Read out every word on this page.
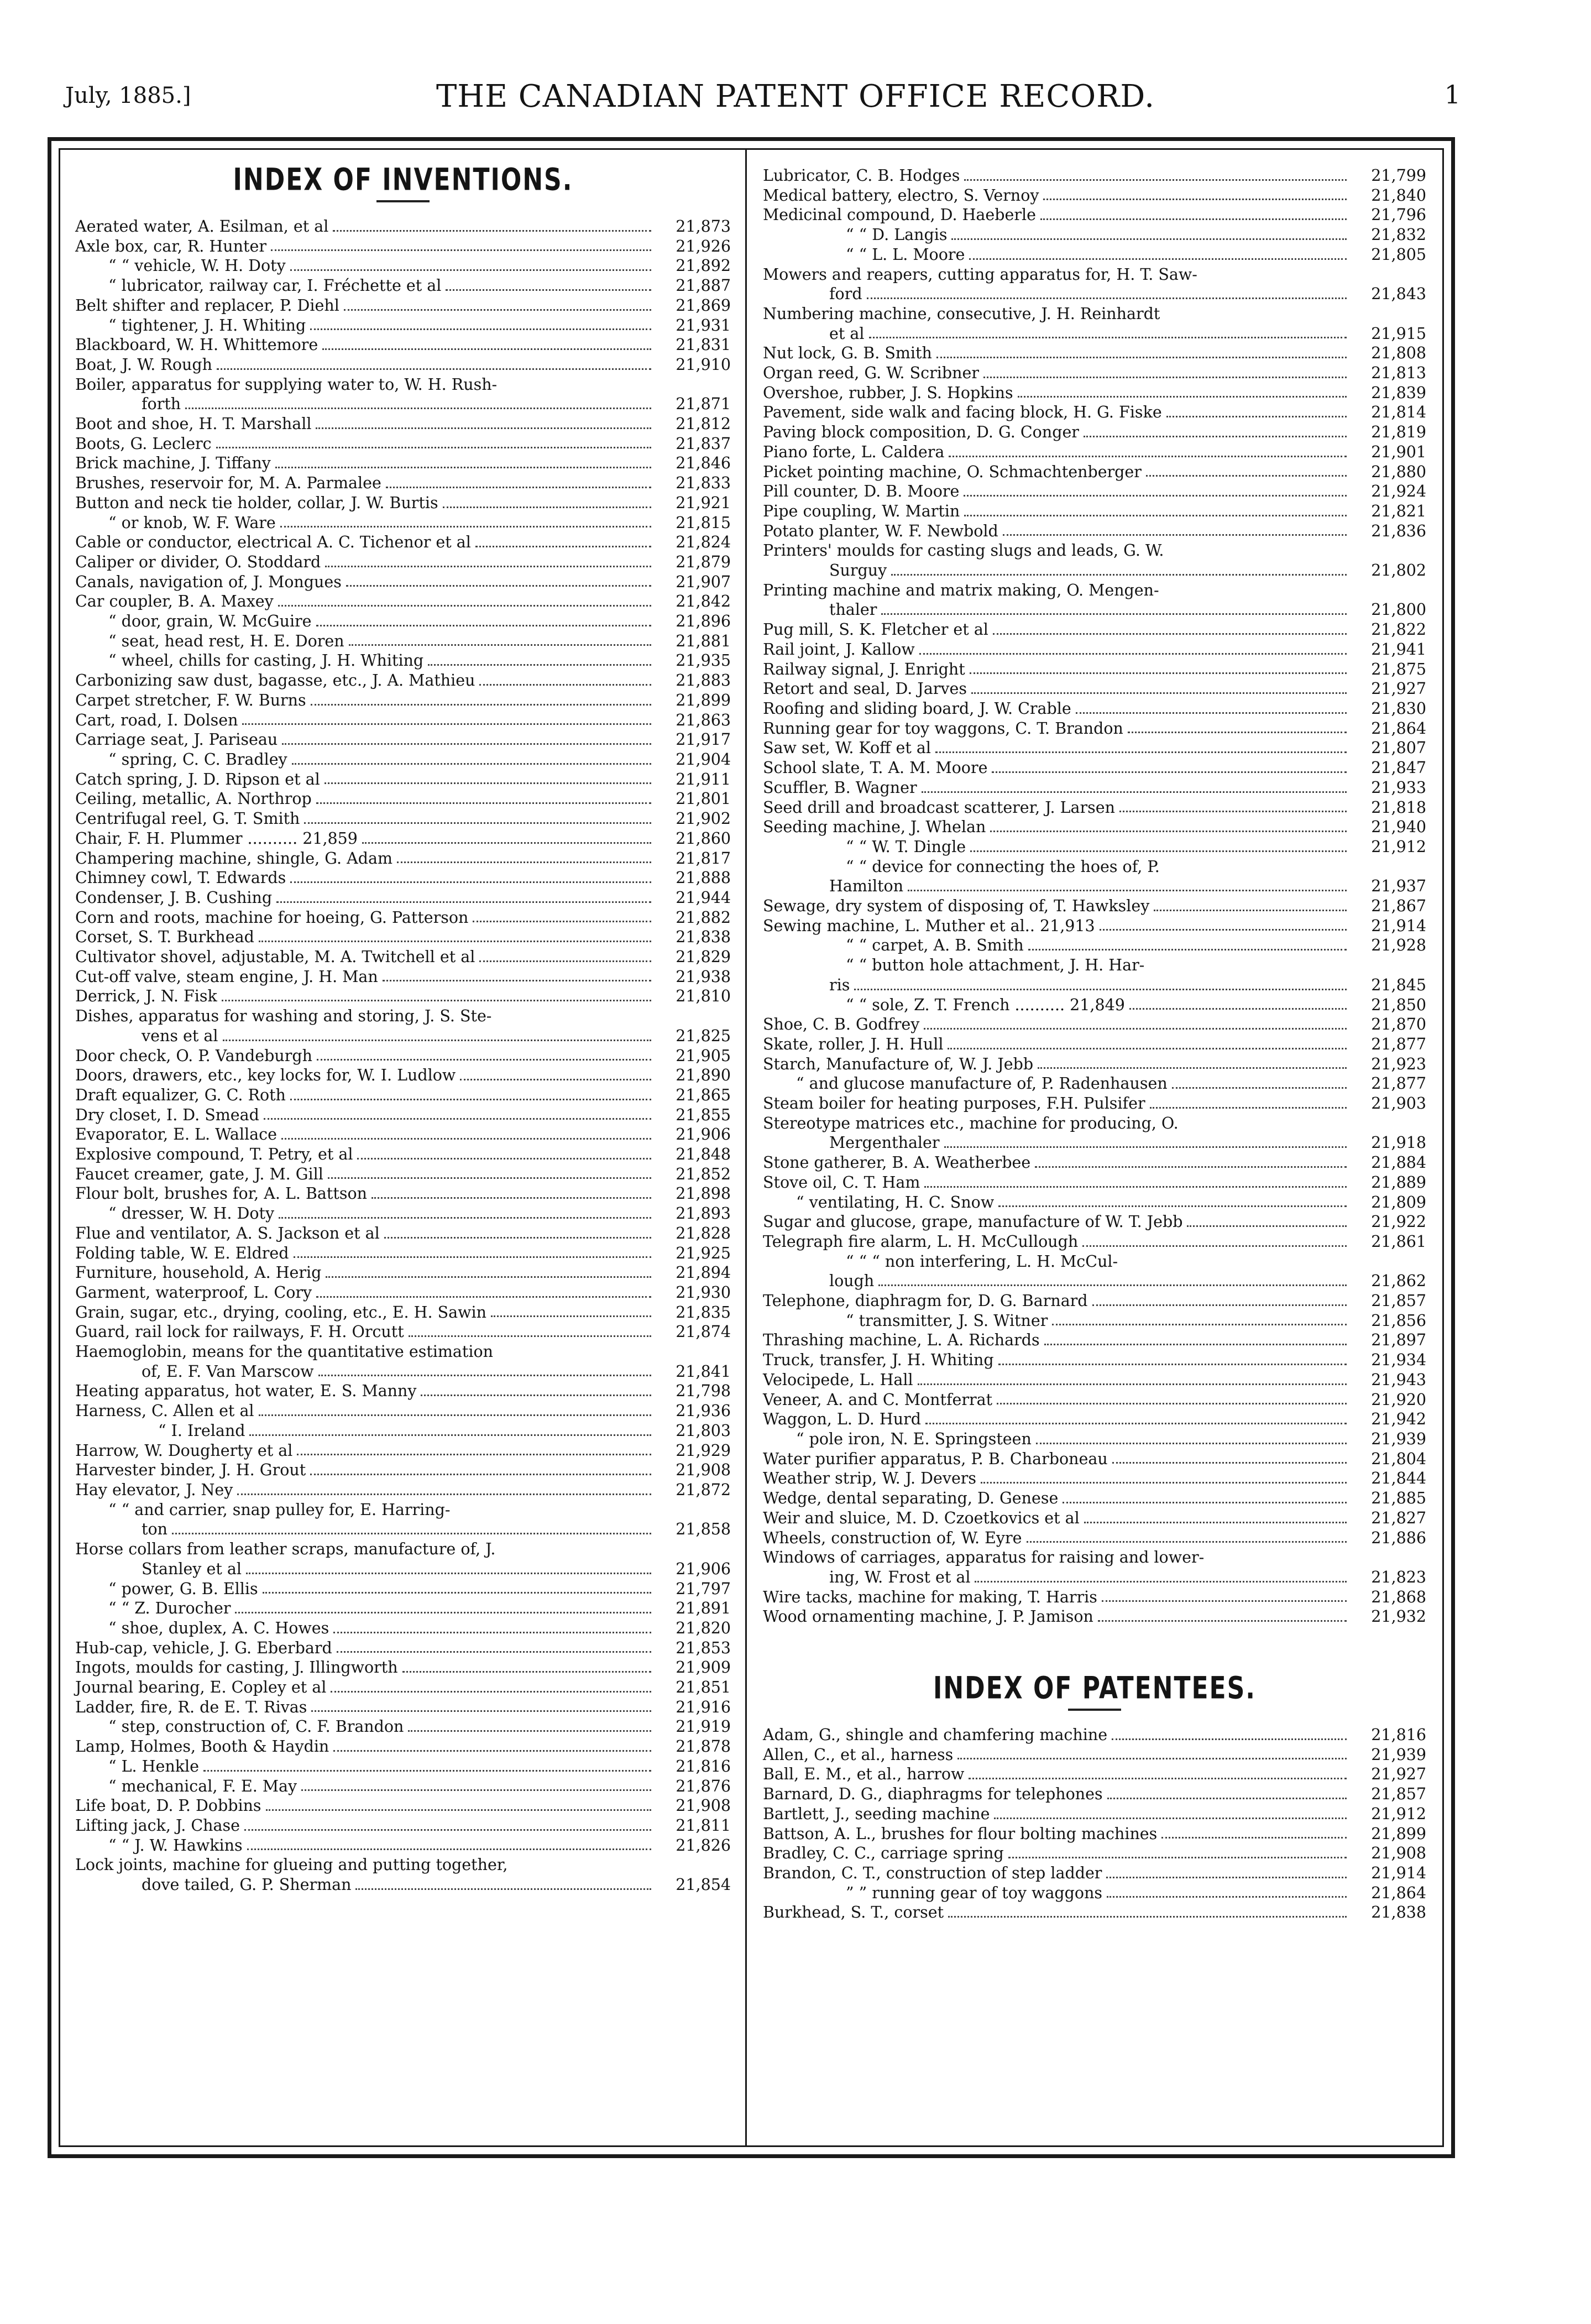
July, 1885.]	THE CANADIAN PATENT OFFICE RECORD.	1
INDEX OF INVENTIONS.
Aerated water, A. Esilman, et al	21,873
Axle box, car, R. Hunter	21,926
“ “ vehicle, W. H. Doty	21,892
“ lubricator, railway car, I. Fréchette et al	21,887
Belt shifter and replacer, P. Diehl	21,869
“ tightener, J. H. Whiting	21,931
Blackboard, W. H. Whittemore	21,831
Boat, J. W. Rough	21,910
Boiler, apparatus for supplying water to, W. H. Rush-
forth	21,871
Boot and shoe, H. T. Marshall	21,812
Boots, G. Leclerc	21,837
Brick machine, J. Tiffany	21,846
Brushes, reservoir for, M. A. Parmalee	21,833
Button and neck tie holder, collar, J. W. Burtis	21,921
“ or knob, W. F. Ware	21,815
Cable or conductor, electrical A. C. Tichenor et al	21,824
Caliper or divider, O. Stoddard	21,879
Canals, navigation of, J. Mongues	21,907
Car coupler, B. A. Maxey	21,842
“ door, grain, W. McGuire	21,896
“ seat, head rest, H. E. Doren	21,881
“ wheel, chills for casting, J. H. Whiting	21,935
Carbonizing saw dust, bagasse, etc., J. A. Mathieu	21,883
Carpet stretcher, F. W. Burns	21,899
Cart, road, I. Dolsen	21,863
Carriage seat, J. Pariseau	21,917
“ spring, C. C. Bradley	21,904
Catch spring, J. D. Ripson et al	21,911
Ceiling, metallic, A. Northrop	21,801
Centrifugal reel, G. T. Smith	21,902
Chair, F. H. Plummer .......... 21,859	21,860
Champering machine, shingle, G. Adam	21,817
Chimney cowl, T. Edwards	21,888
Condenser, J. B. Cushing	21,944
Corn and roots, machine for hoeing, G. Patterson	21,882
Corset, S. T. Burkhead	21,838
Cultivator shovel, adjustable, M. A. Twitchell et al	21,829
Cut-off valve, steam engine, J. H. Man	21,938
Derrick, J. N. Fisk	21,810
Dishes, apparatus for washing and storing, J. S. Ste-
vens et al	21,825
Door check, O. P. Vandeburgh	21,905
Doors, drawers, etc., key locks for, W. I. Ludlow	21,890
Draft equalizer, G. C. Roth	21,865
Dry closet, I. D. Smead	21,855
Evaporator, E. L. Wallace	21,906
Explosive compound, T. Petry, et al	21,848
Faucet creamer, gate, J. M. Gill	21,852
Flour bolt, brushes for, A. L. Battson	21,898
“ dresser, W. H. Doty	21,893
Flue and ventilator, A. S. Jackson et al	21,828
Folding table, W. E. Eldred	21,925
Furniture, household, A. Herig	21,894
Garment, waterproof, L. Cory	21,930
Grain, sugar, etc., drying, cooling, etc., E. H. Sawin	21,835
Guard, rail lock for railways, F. H. Orcutt	21,874
Haemoglobin, means for the quantitative estimation
of, E. F. Van Marscow	21,841
Heating apparatus, hot water, E. S. Manny	21,798
Harness, C. Allen et al	21,936
“ I. Ireland	21,803
Harrow, W. Dougherty et al	21,929
Harvester binder, J. H. Grout	21,908
Hay elevator, J. Ney	21,872
“ “ and carrier, snap pulley for, E. Harring-
ton	21,858
Horse collars from leather scraps, manufacture of, J.
Stanley et al	21,906
“ power, G. B. Ellis	21,797
“ “ Z. Durocher	21,891
“ shoe, duplex, A. C. Howes	21,820
Hub-cap, vehicle, J. G. Eberbard	21,853
Ingots, moulds for casting, J. Illingworth	21,909
Journal bearing, E. Copley et al	21,851
Ladder, fire, R. de E. T. Rivas	21,916
“ step, construction of, C. F. Brandon	21,919
Lamp, Holmes, Booth & Haydin	21,878
“ L. Henkle	21,816
“ mechanical, F. E. May	21,876
Life boat, D. P. Dobbins	21,908
Lifting jack, J. Chase	21,811
“ “ J. W. Hawkins	21,826
Lock joints, machine for glueing and putting together,
dove tailed, G. P. Sherman	21,854
Lubricator, C. B. Hodges	21,799
Medical battery, electro, S. Vernoy	21,840
Medicinal compound, D. Haeberle	21,796
“ “ D. Langis	21,832
“ “ L. L. Moore	21,805
Mowers and reapers, cutting apparatus for, H. T. Saw-
ford	21,843
Numbering machine, consecutive, J. H. Reinhardt
et al	21,915
Nut lock, G. B. Smith	21,808
Organ reed, G. W. Scribner	21,813
Overshoe, rubber, J. S. Hopkins	21,839
Pavement, side walk and facing block, H. G. Fiske	21,814
Paving block composition, D. G. Conger	21,819
Piano forte, L. Caldera	21,901
Picket pointing machine, O. Schmachtenberger	21,880
Pill counter, D. B. Moore	21,924
Pipe coupling, W. Martin	21,821
Potato planter, W. F. Newbold	21,836
Printers' moulds for casting slugs and leads, G. W.
Surguy	21,802
Printing machine and matrix making, O. Mengen-
thaler	21,800
Pug mill, S. K. Fletcher et al	21,822
Rail joint, J. Kallow	21,941
Railway signal, J. Enright	21,875
Retort and seal, D. Jarves	21,927
Roofing and sliding board, J. W. Crable	21,830
Running gear for toy waggons, C. T. Brandon	21,864
Saw set, W. Koff et al	21,807
School slate, T. A. M. Moore	21,847
Scuffler, B. Wagner	21,933
Seed drill and broadcast scatterer, J. Larsen	21,818
Seeding machine, J. Whelan	21,940
“ “ W. T. Dingle	21,912
“ “ device for connecting the hoes of, P.
Hamilton	21,937
Sewage, dry system of disposing of, T. Hawksley	21,867
Sewing machine, L. Muther et al.. 21,913	21,914
“ “ carpet, A. B. Smith	21,928
“ “ button hole attachment, J. H. Har-
ris	21,845
“ “ sole, Z. T. French .......... 21,849	21,850
Shoe, C. B. Godfrey	21,870
Skate, roller, J. H. Hull	21,877
Starch, Manufacture of, W. J. Jebb	21,923
“ and glucose manufacture of, P. Radenhausen	21,877
Steam boiler for heating purposes, F.H. Pulsifer	21,903
Stereotype matrices etc., machine for producing, O.
Mergenthaler	21,918
Stone gatherer, B. A. Weatherbee	21,884
Stove oil, C. T. Ham	21,889
“ ventilating, H. C. Snow	21,809
Sugar and glucose, grape, manufacture of W. T. Jebb	21,922
Telegraph fire alarm, L. H. McCullough	21,861
“ “ “ non interfering, L. H. McCul-
lough	21,862
Telephone, diaphragm for, D. G. Barnard	21,857
“ transmitter, J. S. Witner	21,856
Thrashing machine, L. A. Richards	21,897
Truck, transfer, J. H. Whiting	21,934
Velocipede, L. Hall	21,943
Veneer, A. and C. Montferrat	21,920
Waggon, L. D. Hurd	21,942
“ pole iron, N. E. Springsteen	21,939
Water purifier apparatus, P. B. Charboneau	21,804
Weather strip, W. J. Devers	21,844
Wedge, dental separating, D. Genese	21,885
Weir and sluice, M. D. Czoetkovics et al	21,827
Wheels, construction of, W. Eyre	21,886
Windows of carriages, apparatus for raising and lower-
ing, W. Frost et al	21,823
Wire tacks, machine for making, T. Harris	21,868
Wood ornamenting machine, J. P. Jamison	21,932
INDEX OF PATENTEES.
Adam, G., shingle and chamfering machine	21,816
Allen, C., et al., harness	21,939
Ball, E. M., et al., harrow	21,927
Barnard, D. G., diaphragms for telephones	21,857
Bartlett, J., seeding machine	21,912
Battson, A. L., brushes for flour bolting machines	21,899
Bradley, C. C., carriage spring	21,908
Brandon, C. T., construction of step ladder	21,914
” ” running gear of toy waggons	21,864
Burkhead, S. T., corset	21,838
